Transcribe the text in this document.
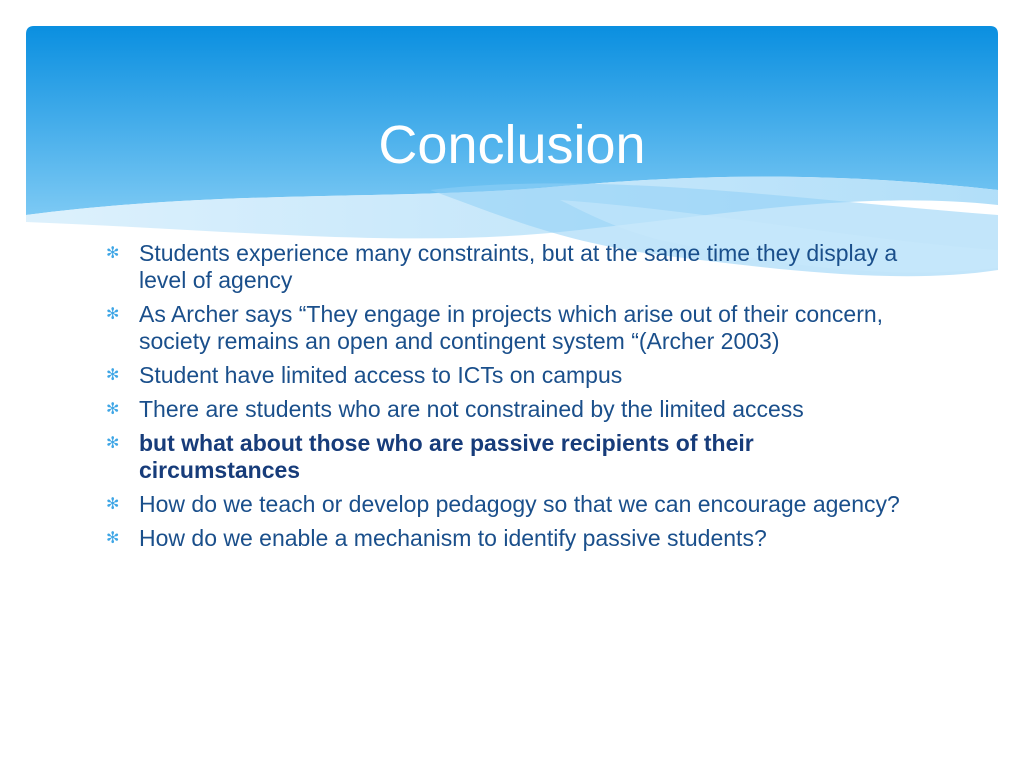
Conclusion
✻ Students experience many constraints, but at the same time they display a level of agency
✻ As Archer says “They engage in projects which arise out of their concern, society remains an open and contingent system “(Archer 2003)
✻ Student have limited access to ICTs on campus
✻ There are students who are not constrained by the limited access
✻ but what about those who are passive recipients of their circumstances
✻ How do we teach or develop pedagogy so that we can encourage agency?
✻ How do we enable a mechanism to identify passive students?
